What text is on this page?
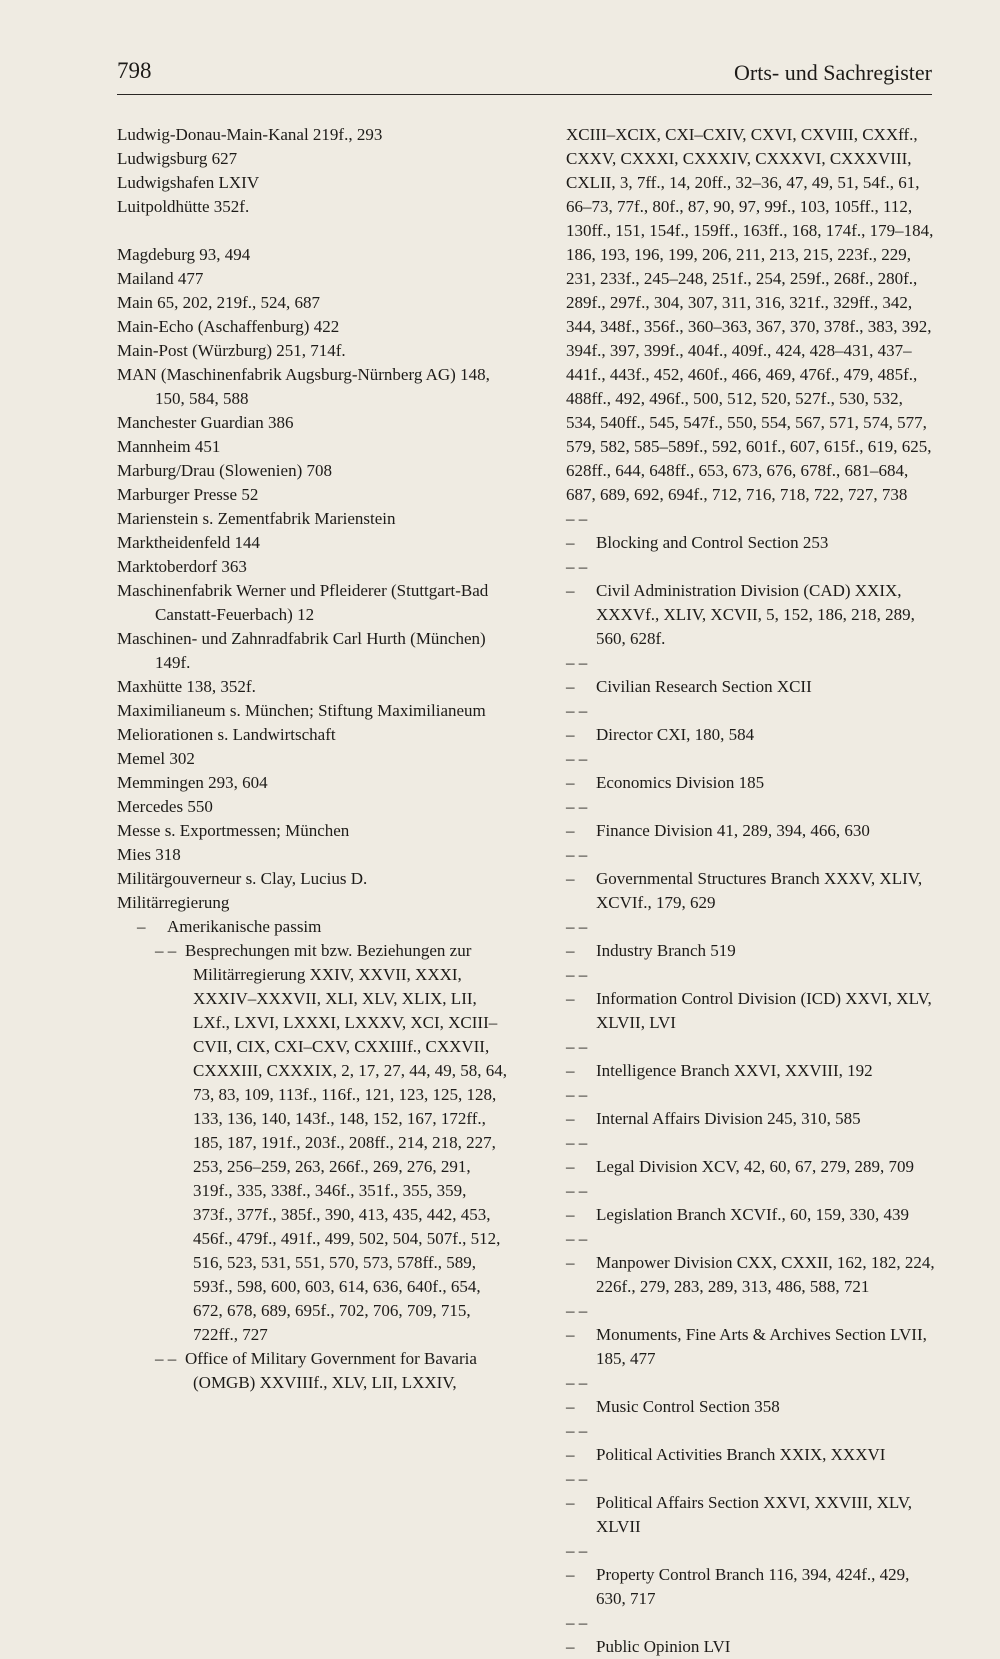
798	Orts- und Sachregister
Ludwig-Donau-Main-Kanal 219f., 293
Ludwigsburg 627
Ludwigshafen LXIV
Luitpoldhütte 352f.
Magdeburg 93, 494
Mailand 477
Main 65, 202, 219f., 524, 687
Main-Echo (Aschaffenburg) 422
Main-Post (Würzburg) 251, 714f.
MAN (Maschinenfabrik Augsburg-Nürnberg AG) 148, 150, 584, 588
Manchester Guardian 386
Mannheim 451
Marburg/Drau (Slowenien) 708
Marburger Presse 52
Marienstein s. Zementfabrik Marienstein
Marktheidenfeld 144
Marktoberdorf 363
Maschinenfabrik Werner und Pfleiderer (Stuttgart-Bad Canstatt-Feuerbach) 12
Maschinen- und Zahnradfabrik Carl Hurth (München) 149f.
Maxhütte 138, 352f.
Maximilianeum s. München; Stiftung Maximilianeum
Meliorationen s. Landwirtschaft
Memel 302
Memmingen 293, 604
Mercedes 550
Messe s. Exportmessen; München
Mies 318
Militärgouverneur s. Clay, Lucius D.
Militärregierung
– Amerikanische passim
– – Besprechungen mit bzw. Beziehungen zur Militärregierung XXIV, XXVII, XXXI, XXXIV–XXXVII, XLI, XLV, XLIX, LII, LXf., LXVI, LXXXI, LXXXV, XCI, XCIII–CVII, CIX, CXI–CXV, CXXIIIf., CXXVII, CXXXIII, CXXXIX, 2, 17, 27, 44, 49, 58, 64, 73, 83, 109, 113f., 116f., 121, 123, 125, 128, 133, 136, 140, 143f., 148, 152, 167, 172ff., 185, 187, 191f., 203f., 208ff., 214, 218, 227, 253, 256–259, 263, 266f., 269, 276, 291, 319f., 335, 338f., 346f., 351f., 355, 359, 373f., 377f., 385f., 390, 413, 435, 442, 453, 456f., 479f., 491f., 499, 502, 504, 507f., 512, 516, 523, 531, 551, 570, 573, 578ff., 589, 593f., 598, 600, 603, 614, 636, 640f., 654, 672, 678, 689, 695f., 702, 706, 709, 715, 722ff., 727
– – Office of Military Government for Bavaria (OMGB) XXVIIIf., XLV, LII, LXXIV,
XCIII–XCIX, CXI–CXIV, CXVI, CXVIII, CXXff., CXXV, CXXXI, CXXXIV, CXXXVI, CXXXVIII, CXLII, 3, 7ff., 14, 20ff., 32–36, 47, 49, 51, 54f., 61, 66–73, 77f., 80f., 87, 90, 97, 99f., 103, 105ff., 112, 130ff., 151, 154f., 159ff., 163ff., 168, 174f., 179–184, 186, 193, 196, 199, 206, 211, 213, 215, 223f., 229, 231, 233f., 245–248, 251f., 254, 259f., 268f., 280f., 289f., 297f., 304, 307, 311, 316, 321f., 329ff., 342, 344, 348f., 356f., 360–363, 367, 370, 378f., 383, 392, 394f., 397, 399f., 404f., 409f., 424, 428–431, 437–441f., 443f., 452, 460f., 466, 469, 476f., 479, 485f., 488ff., 492, 496f., 500, 512, 520, 527f., 530, 532, 534, 540ff., 545, 547f., 550, 554, 567, 571, 574, 577, 579, 582, 585–589f., 592, 601f., 607, 615f., 619, 625, 628ff., 644, 648ff., 653, 673, 676, 678f., 681–684, 687, 689, 692, 694f., 712, 716, 718, 722, 727, 738
– – – Blocking and Control Section 253
– – – Civil Administration Division (CAD) XXIX, XXXVf., XLIV, XCVII, 5, 152, 186, 218, 289, 560, 628f.
– – – Civilian Research Section XCII
– – – Director CXI, 180, 584
– – – Economics Division 185
– – – Finance Division 41, 289, 394, 466, 630
– – – Governmental Structures Branch XXXV, XLIV, XCVIf., 179, 629
– – – Industry Branch 519
– – – Information Control Division (ICD) XXVI, XLV, XLVII, LVI
– – – Intelligence Branch XXVI, XXVIII, 192
– – – Internal Affairs Division 245, 310, 585
– – – Legal Division XCV, 42, 60, 67, 279, 289, 709
– – – Legislation Branch XCVIf., 60, 159, 330, 439
– – – Manpower Division CXX, CXXII, 162, 182, 224, 226f., 279, 283, 289, 313, 486, 588, 721
– – – Monuments, Fine Arts & Archives Section LVII, 185, 477
– – – Music Control Section 358
– – – Political Activities Branch XXIX, XXXVI
– – – Political Affairs Section XXVI, XXVIII, XLV, XLVII
– – – Property Control Branch 116, 394, 424f., 429, 630, 717
– – – Public Opinion LVI
